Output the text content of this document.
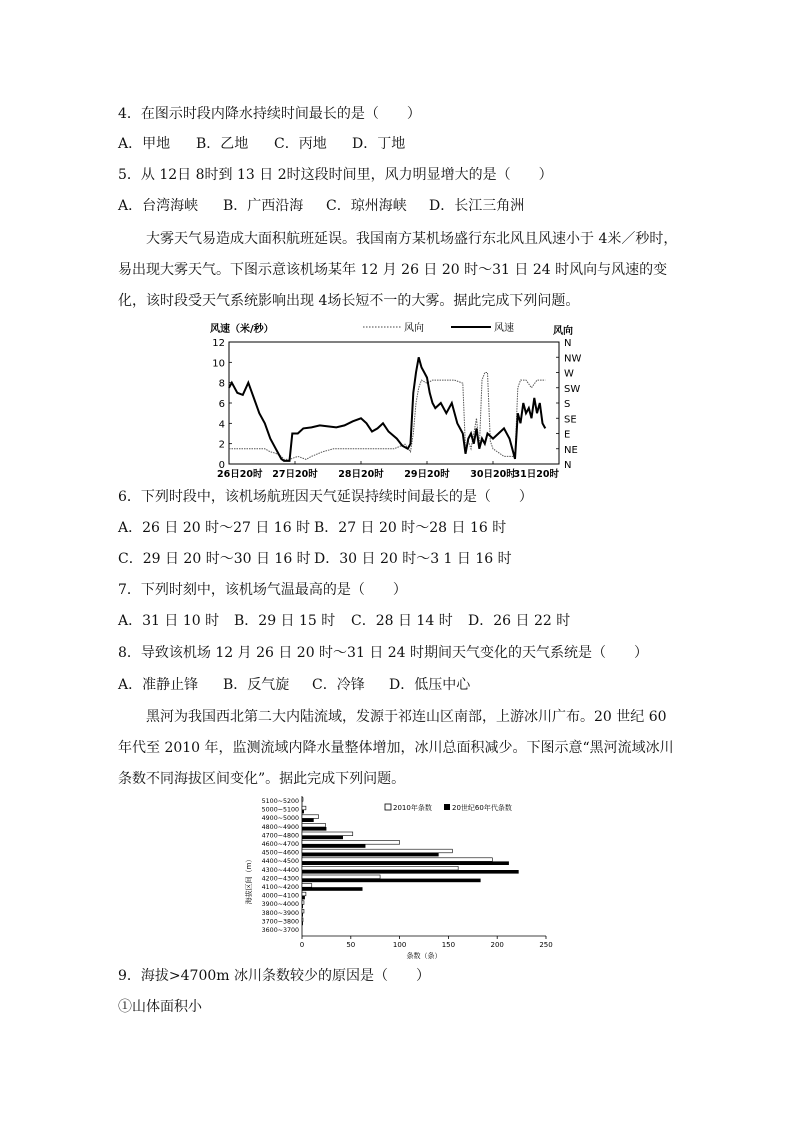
4．在图示时段内降水持续时间最长的是（　　）
A．甲地 B．乙地 C．丙地 D．丁地
5．从 12日 8时到 13 日 2时这段时间里，风力明显增大的是（　　）
A．台湾海峡 B．广西沿海 C．琼州海峡 D．长江三角洲
大雾天气易造成大面积航班延误。我国南方某机场盛行东北风且风速小于 4米／秒时，易出现大雾天气。下图示意该机场某年 12 月 26 日 20 时～31 日 24 时风向与风速的变化，该时段受天气系统影响出现 4场长短不一的大雾。据此完成下列问题。
风速（米/秒）	风向	风速	风向
0
2
4
6
8
10
12
N
NE
E
SE
S
SW
W
NW
N
26日20时 27日20时 28日20时 29日20时 30日20时
31日20时
6．下列时段中，该机场航班因天气延误持续时间最长的是（　　）
A．26 日 20 时～27 日 16 时 B．27 日 20 时～28 日 16 时
C．29 日 20 时～30 日 16 时 D．30 日 20 时～3 1 日 16 时
7．下列时刻中，该机场气温最高的是（　　）
A．31 日 10 时 B．29 日 15 时 C．28 日 14 时 D．26 日 22 时
8．导致该机场 12 月 26 日 20 时～31 日 24 时期间天气变化的天气系统是（　　）
A．准静止锋 B．反气旋 C．冷锋 D．低压中心
黑河为我国西北第二大内陆流域，发源于祁连山区南部，上游冰川广布。20 世纪 60 年代至 2010 年，监测流域内降水量整体增加，冰川总面积减少。下图示意“黑河流域冰川条数不同海拔区间变化”。据此完成下列问题。
海拔区间（m）
2010年条数	20世纪60年代条数
5100~5200
5000~5100
4900~5000
4800~4900
4700~4800
4600~4700
4500~4600
4400~4500
4300~4400
4200~4300
4100~4200
4000~4100
3900~4000
3800~3900
3700~3800
3600~3700
0	50	100	150	200	250
条数（条）
9．海拔>4700m 冰川条数较少的原因是（　　）
①山体面积小
